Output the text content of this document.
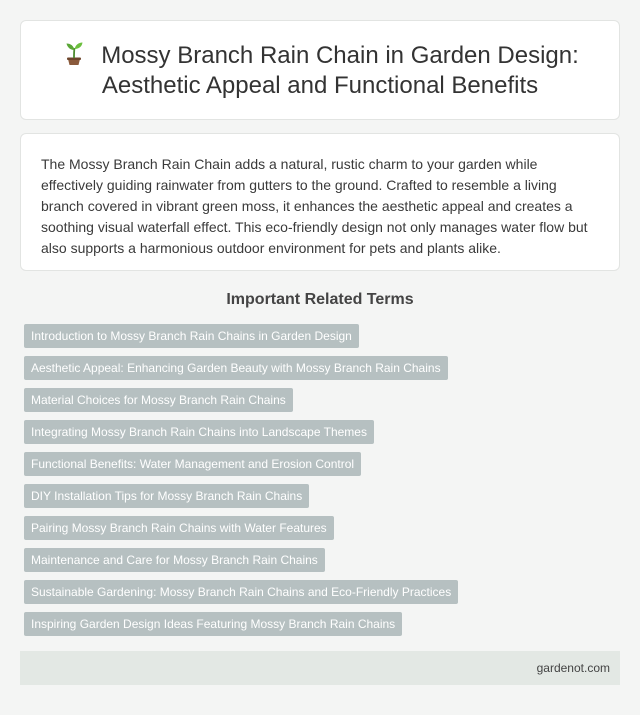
Mossy Branch Rain Chain in Garden Design: Aesthetic Appeal and Functional Benefits

The Mossy Branch Rain Chain adds a natural, rustic charm to your garden while effectively guiding rainwater from gutters to the ground. Crafted to resemble a living branch covered in vibrant green moss, it enhances the aesthetic appeal and creates a soothing visual waterfall effect. This eco-friendly design not only manages water flow but also supports a harmonious outdoor environment for pets and plants alike.

Important Related Terms
Introduction to Mossy Branch Rain Chains in Garden Design
Aesthetic Appeal: Enhancing Garden Beauty with Mossy Branch Rain Chains
Material Choices for Mossy Branch Rain Chains
Integrating Mossy Branch Rain Chains into Landscape Themes
Functional Benefits: Water Management and Erosion Control
DIY Installation Tips for Mossy Branch Rain Chains
Pairing Mossy Branch Rain Chains with Water Features
Maintenance and Care for Mossy Branch Rain Chains
Sustainable Gardening: Mossy Branch Rain Chains and Eco-Friendly Practices
Inspiring Garden Design Ideas Featuring Mossy Branch Rain Chains
gardenot.com
